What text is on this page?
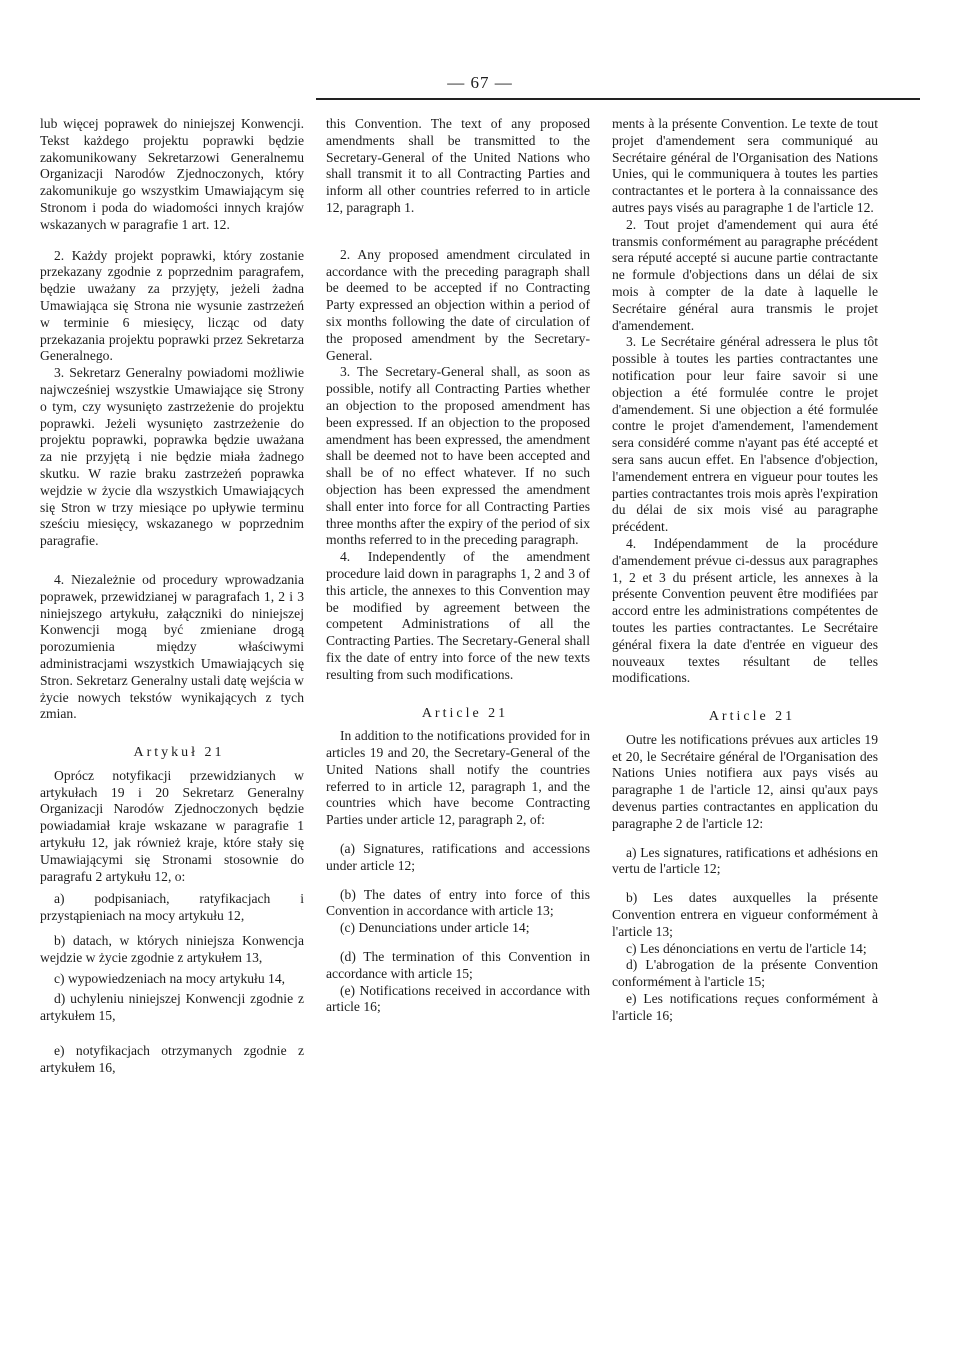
— 67 —

lub więcej poprawek do niniejszej Konwencji. Tekst każdego projektu poprawki będzie zakomunikowany Sekretarzowi Generalnemu Organizacji Narodów Zjednoczonych, który zakomunikuje go wszystkim Umawiającym się Stronom i poda do wiadomości innych krajów wskazanych w paragrafie 1 art. 12.

2. Każdy projekt poprawki, który zostanie przekazany zgodnie z poprzednim paragrafem, będzie uważany za przyjęty, jeżeli żadna Umawiająca się Strona nie wysunie zastrzeżeń w terminie 6 miesięcy, licząc od daty przekazania projektu poprawki przez Sekretarza Generalnego.

3. Sekretarz Generalny powiadomi możliwie najwcześniej wszystkie Umawiające się Strony o tym, czy wysunięto zastrzeżenie do projektu poprawki. Jeżeli wysunięto zastrzeżenie do projektu poprawki, poprawka będzie uważana za nie przyjętą i nie będzie miała żadnego skutku. W razie braku zastrzeżeń poprawka wejdzie w życie dla wszystkich Umawiających się Stron w trzy miesiące po upływie terminu sześciu miesięcy, wskazanego w poprzednim paragrafie.

4. Niezależnie od procedury wprowadzania poprawek, przewidzianej w paragrafach 1, 2 i 3 niniejszego artykułu, załączniki do niniejszej Konwencji mogą być zmieniane drogą porozumienia między właściwymi administracjami wszystkich Umawiających się Stron. Sekretarz Generalny ustali datę wejścia w życie nowych tekstów wynikających z tych zmian.

Artykuł 21

Oprócz notyfikacji przewidzianych w artykułach 19 i 20 Sekretarz Generalny Organizacji Narodów Zjednoczonych będzie powiadamiał kraje wskazane w paragrafie 1 artykułu 12, jak również kraje, które stały się Umawiającymi się Stronami stosownie do paragrafu 2 artykułu 12, o:

a) podpisaniach, ratyfikacjach i przystąpieniach na mocy artykułu 12,

b) datach, w których niniejsza Konwencja wejdzie w życie zgodnie z artykułem 13,

c) wypowiedzeniach na mocy artykułu 14,

d) uchyleniu niniejszej Konwencji zgodnie z artykułem 15,

e) notyfikacjach otrzymanych zgodnie z artykułem 16,

this Convention. The text of any proposed amendments shall be transmitted to the Secretary-General of the United Nations who shall transmit it to all Contracting Parties and inform all other countries referred to in article 12, paragraph 1.

2. Any proposed amendment circulated in accordance with the preceding paragraph shall be deemed to be accepted if no Contracting Party expressed an objection within a period of six months following the date of circulation of the proposed amendment by the Secretary-General.

3. The Secretary-General shall, as soon as possible, notify all Contracting Parties whether an objection to the proposed amendment has been expressed. If an objection to the proposed amendment has been expressed, the amendment shall be deemed not to have been accepted and shall be of no effect whatever. If no such objection has been expressed the amendment shall enter into force for all Contracting Parties three months after the expiry of the period of six months referred to in the preceding paragraph.

4. Independently of the amendment procedure laid down in paragraphs 1, 2 and 3 of this article, the annexes to this Convention may be modified by agreement between the competent Administrations of all the Contracting Parties. The Secretary-General shall fix the date of entry into force of the new texts resulting from such modifications.

Article 21

In addition to the notifications provided for in articles 19 and 20, the Secretary-General of the United Nations shall notify the countries referred to in article 12, paragraph 1, and the countries which have become Contracting Parties under article 12, paragraph 2, of:

(a) Signatures, ratifications and accessions under article 12;

(b) The dates of entry into force of this Convention in accordance with article 13;

(c) Denunciations under article 14;

(d) The termination of this Convention in accordance with article 15;

(e) Notifications received in accordance with article 16;

ments à la présente Convention. Le texte de tout projet d'amendement sera communiqué au Secrétaire général de l'Organisation des Nations Unies, qui le communiquera à toutes les parties contractantes et le portera à la connaissance des autres pays visés au paragraphe 1 de l'article 12.

2. Tout projet d'amendement qui aura été transmis conformément au paragraphe précédent sera réputé accepté si aucune partie contractante ne formule d'objections dans un délai de six mois à compter de la date à laquelle le Secrétaire général aura transmis le projet d'amendement.

3. Le Secrétaire général adressera le plus tôt possible à toutes les parties contractantes une notification pour leur faire savoir si une objection a été formulée contre le projet d'amendement. Si une objection a été formulée contre le projet d'amendement, l'amendement sera considéré comme n'ayant pas été accepté et sera sans aucun effet. En l'absence d'objection, l'amendement entrera en vigueur pour toutes les parties contractantes trois mois après l'expiration du délai de six mois visé au paragraphe précédent.

4. Indépendamment de la procédure d'amendement prévue ci-dessus aux paragraphes 1, 2 et 3 du présent article, les annexes à la présente Convention peuvent être modifiées par accord entre les administrations compétentes de toutes les parties contractantes. Le Secrétaire général fixera la date d'entrée en vigueur des nouveaux textes résultant de telles modifications.

Article 21

Outre les notifications prévues aux articles 19 et 20, le Secrétaire général de l'Organisation des Nations Unies notifiera aux pays visés au paragraphe 1 de l'article 12, ainsi qu'aux pays devenus parties contractantes en application du paragraphe 2 de l'article 12:

a) Les signatures, ratifications et adhésions en vertu de l'article 12;

b) Les dates auxquelles la présente Convention entrera en vigueur conformément à l'article 13;

c) Les dénonciations en vertu de l'article 14;

d) L'abrogation de la présente Convention conformément à l'article 15;

e) Les notifications reçues conformément à l'article 16;
